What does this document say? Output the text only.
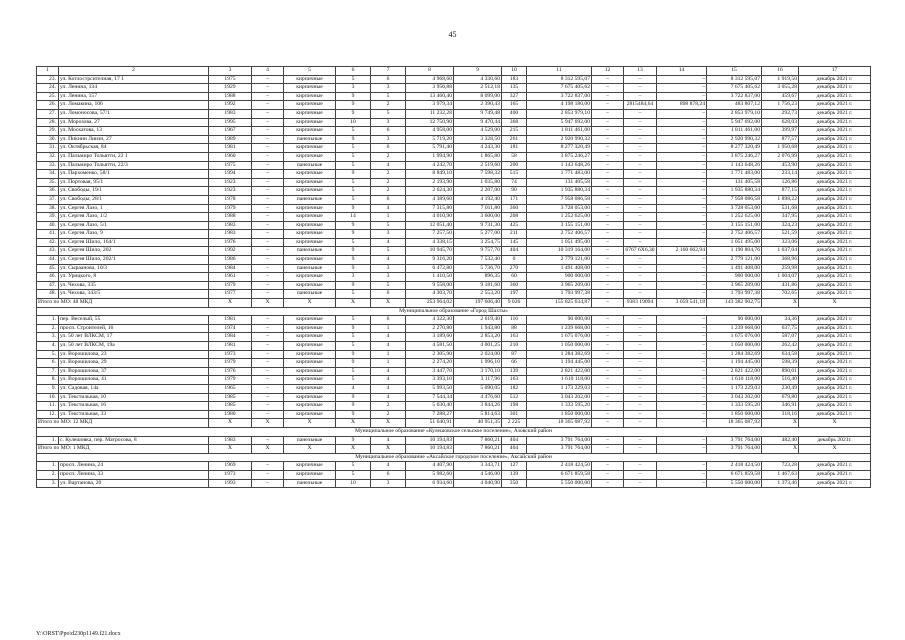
45
1	2	3	4	5	6	7	8	9	10	11	12	13	14	15	16	17
23.	ул. Котлострсителная, 17 1	1975	–	кирпичные	5	6	4 968,60	4 330,60	183	8 312 595,07	–	–	–	8 312 595,07	1 919,50	декабрь 2021 г.
24.	ул. Ленина, 134	1929	–	кирпичные	3	3	3 956,88	2 512,18	135	7 675 405,62	–	–	–	7 675 405,62	3 055,28	декабрь 2021 г.
25.	ул. Ленина, 157	1988	–	кирпичные	9	5	13 460,40	8 099,00	327	3 722 837,00	–	–	–	3 722 837,00	459,67	декабрь 2021 г.
26.	ул. Ломакина, 106	1992	–	кирпичные	9	2	3 979,34	2 390,43	165	4 198 180,00	–	2815484,64	898 878,24	483 807,12	1 756,23	декабрь 2021 г.
27.	ул. Ломоносова, 57/1	1983	–	кирпичные	9	5	11 232,28	9 749,48	400	2 853 979,10	–	–	–	2 853 979,10	292,73	декабрь 2021 г.
28.	ул. Морозова, 27	1995	–	кирпичные	10	3	12 750,90	9 470,44	368	5 947 692,00	–	–	–	5 947 692,00	628,03	декабрь 2021 г.
29.	ул. Москатова, 13	1967	–	кирпичные	5	6	4 958,00	4 529,00	215	1 811 461,00	–	–	–	1 811 461,00	399,97	декабрь 2021 г.
30.	ул. Пикнин Лиизи, 27	1989	–	панельные	9	3	5 719,20	3 328,50	261	2 920 990,32	–	–	–	2 920 990,32	877,57	декабрь 2021 г.
31.	ул. Октябрьская, 84	1981	–	кирпичные	5	6	5 791,40	4 243,30	181	8 277 320,49	–	–	–	8 277 320,49	1 950,68	декабрь 2021 г.
32.	ул. Пальмиро Тольятти, 22 1	1960	–	кирпичные	5	2	1 994,90	1 865,80	58	3 875 246,27	–	–	–	3 875 246,27	2 076,99	декабрь 2021 г.
33.	ул. Пальмиро Тольятти, 22/3	1975	–	панельные	5	4	4 242,70	2 519,60	200	1 143 648,26	–	–	–	1 143 648,26	453,90	декабрь 2021 г.
34.	ул. Пархоменко, 58/1	1994	–	кирпичные	9	2	8 849,10	7 598,32	515	1 771 483,00	–	–	–	1 771 483,00	233,14	декабрь 2021 г.
35.	ул. Портовая, 95/1	1923	–	кирпичные	5	2	2 193,90	1 035,80	74	131 405,58	–	–	–	131 405,58	126,86	декабрь 2021 г.
36.	ул. Свободы, 19/1	1923	–	кирпичные	5	2	2 624,30	2 207,00	90	1 935 880,34	–	–	–	1 935 880,34	877,15	декабрь 2021 г.
37.	ул. Свободы, 28/1	1978	–	панельные	5	6	4 389,60	4 192,40	171	7 958 086,58	–	–	–	7 958 086,58	1 898,22	декабрь 2021 г.
38.	ул. Сергея Лазо, 1	1979	–	кирпичные	9	4	7 315,80	7 011,80	360	3 728 053,00	–	–	–	3 728 053,00	531,68	декабрь 2021 г.
39.	ул. Сергея Лазо, 1/2	1988	–	кирпичные	14	1	4 010,90	3 600,00	208	1 252 625,00	–	–	–	1 252 625,00	347,95	декабрь 2021 г.
40.	ул. Сергея Лазо, 5/1	1983	–	кирпичные	9	5	12 051,40	9 731,30	425	3 155 151,00	–	–	–	3 155 151,00	324,23	декабрь 2021 г.
41.	ул. Сергея Лазо, 9	1983	–	кирпичные	9	3	7 257,50	5 277,00	211	2 752 406,57	–	–	–	2 752 406,57	521,59	декабрь 2021 г.
42.	ул. Сергея Шило, 164/1	1976	–	кирпичные	5	4	4 338,15	3 254,75	145	1 051 495,00	–	–	–	1 051 495,00	323,06	декабрь 2021 г.
43.	ул. Сергея Шило, 202	1992	–	панельные	9	5	10 945,70	9 757,70	404	10 319 164,00	–	6767 6X6,30	2 160 662,94	1 190 804,76	1 037,04	декабрь 2021 г.
44.	ул. Сергея Шило, 202/1	1986	–	кирпичные	9	4	9 316,20	7 532,40	0	2 779 121,00	–	–	–	2 779 121,00	368,96	декабрь 2021 г.
45.	ул. Сыраанова, 10/3	1984	–	панельные	9	3	6 472,80	5 736,70	270	1 491 408,00	–	–	–	1 491 408,00	259,98	декабрь 2021 г.
46.	ул. Урицкого, 8	1961	–	кирпичные	3	3	1 410,50	896,35	60	900 000,00	–	–	–	900 000,00	1 004,07	декабрь 2021 г.
47.	ул. Чехова, 335	1979	–	кирпичные	9	5	9 558,00	9 181,60	360	3 965 209,00	–	–	–	3 965 209,00	431,86	декабрь 2021 г.
48.	ул. Чехова, 343/5	1977	–	панельные	5	6	4 303,70	2 553,20	197	1 793 997,38	–	–	–	1 793 997,38	702,65	декабрь 2021 г.
Итого по МО: 48 МКД		X	X	X	X	X	253 964,02	197 606,40	9 026	155 825 634,87	–	9383 19094	3 059 541,18	143 382 902,75	X	X
Муниципальное образование «Город Шахты»																
1.	пер. Веселый, 55	1981	–	кирпичные	5	6	4 322,30	2 619,40	116	90 000,00	–	–	–	90 000,00	34,36	декабрь 2021 г.
2.	просп. Строителей, 16	1974	–	кирпичные	9	1	2 270,80	1 943,80	88	1 239 668,00	–	–	–	1 239 668,00	637,75	декабрь 2021 г.
3.	ул. 50 лет ВЛКСМ, 17	1984	–	кирпичные	5	4	3 189,60	2 853,20	163	1 675 076,00	–	–	–	1 675 076,00	587,07	декабрь 2021 г.
4.	ул. 50 лет ВЛКСМ, 19а	1981	–	кирпичные	5	4	4 581,50	4 001,25	210	1 050 000,00	–	–	–	1 050 000,00	262,42	декабрь 2021 г.
5.	ул. Ворошилова, 23	1973	–	кирпичные	9	1	2 305,90	2 024,00	87	1 284 382,69	–	–	–	1 284 382,69	634,58	декабрь 2021 г.
6.	ул. Ворошилова, 29	1979	–	кирпичные	9	1	2 274,20	1 996,10	66	1 194 445,00	–	–	–	1 194 445,00	598,39	декабрь 2021 г.
7.	ул. Ворошилова, 37	1976	–	кирпичные	5	4	3 447,70	3 170,10	139	2 821 422,00	–	–	–	2 821 422,00	890,01	декабрь 2021 г.
8.	ул. Ворошилова, 41	1979	–	кирпичные	5	4	3 393,10	3 117,96	163	1 610 118,00	–	–	–	1 610 118,00	516,40	декабрь 2021 г.
9.	ул. Садовая, 14а	1965	–	кирпичные	4	4	5 993,50	5 090,05	182	1 173 229,03	–	–	–	1 173 229,03	230,49	декабрь 2021 г.
10.	ул. Текстильная, 10	1985	–	кирпичные	9	4	7 544,34	4 476,60	512	3 043 202,00	–	–	–	3 043 202,00	679,80	декабрь 2021 г.
11.	ул. Текстильная, 16	1985	–	кирпичные	9	2	5 030,40	3 844,26	198	1 333 595,20	–	–	–	1 333 595,20	346,91	декабрь 2021 г.
12.	ул. Текстильная, 33	1980	–	кирпичные	9	2	7 288,27	5 814,63	301	1 850 000,00	–	–	–	1 850 000,00	318,16	декабрь 2021 г.
Итого по МО: 12 МКД		X	X	X	X	X	51 640,91	40 951,35	2 225	18 365 087,92	–	–	–	18 365 087,92	X	X
Муниципальное образование «Кулешовское сельское поселение», Азовский район																
1.	с. Кулешовка, пер. Матросова, 8	1983	–	панельные	9	4	10 194,83	7 860,21	404	3 791 764,00	–	–	–	3 791 764,00	482,40	декабрь 2021г.
Итого по МО: 1 МКД		X	X	X	X	X	10 194,83	7 860,21	404	3 791 764,00	–	–	–	3 791 764,00	X	X
Муниципальное образование «Аксайское городское поселение», Аксайский район																
1.	просп. Ленина, 24	1969	–	кирпичные	5	4	4 407,90	3 343,71	127	2 418 424,50	–	–	–	2 418 424,50	723,28	декабрь 2021 г.
2.	просп. Ленина, 33	1973	–	кирпичные	5	6	5 982,60	4 546,00	139	6 671 859,58	–	–	–	6 671 859,58	1 467,63	декабрь 2021 г.
3.	ул. Вартанова, 20	1993	–	панельные	10	3	6 934,60	4 040,90	350	5 550 000,00	–	–	–	5 550 000,00	1 373,46	декабрь 2021 г.
Y:\ORST\Ppo\d230p1149.f21.docx
